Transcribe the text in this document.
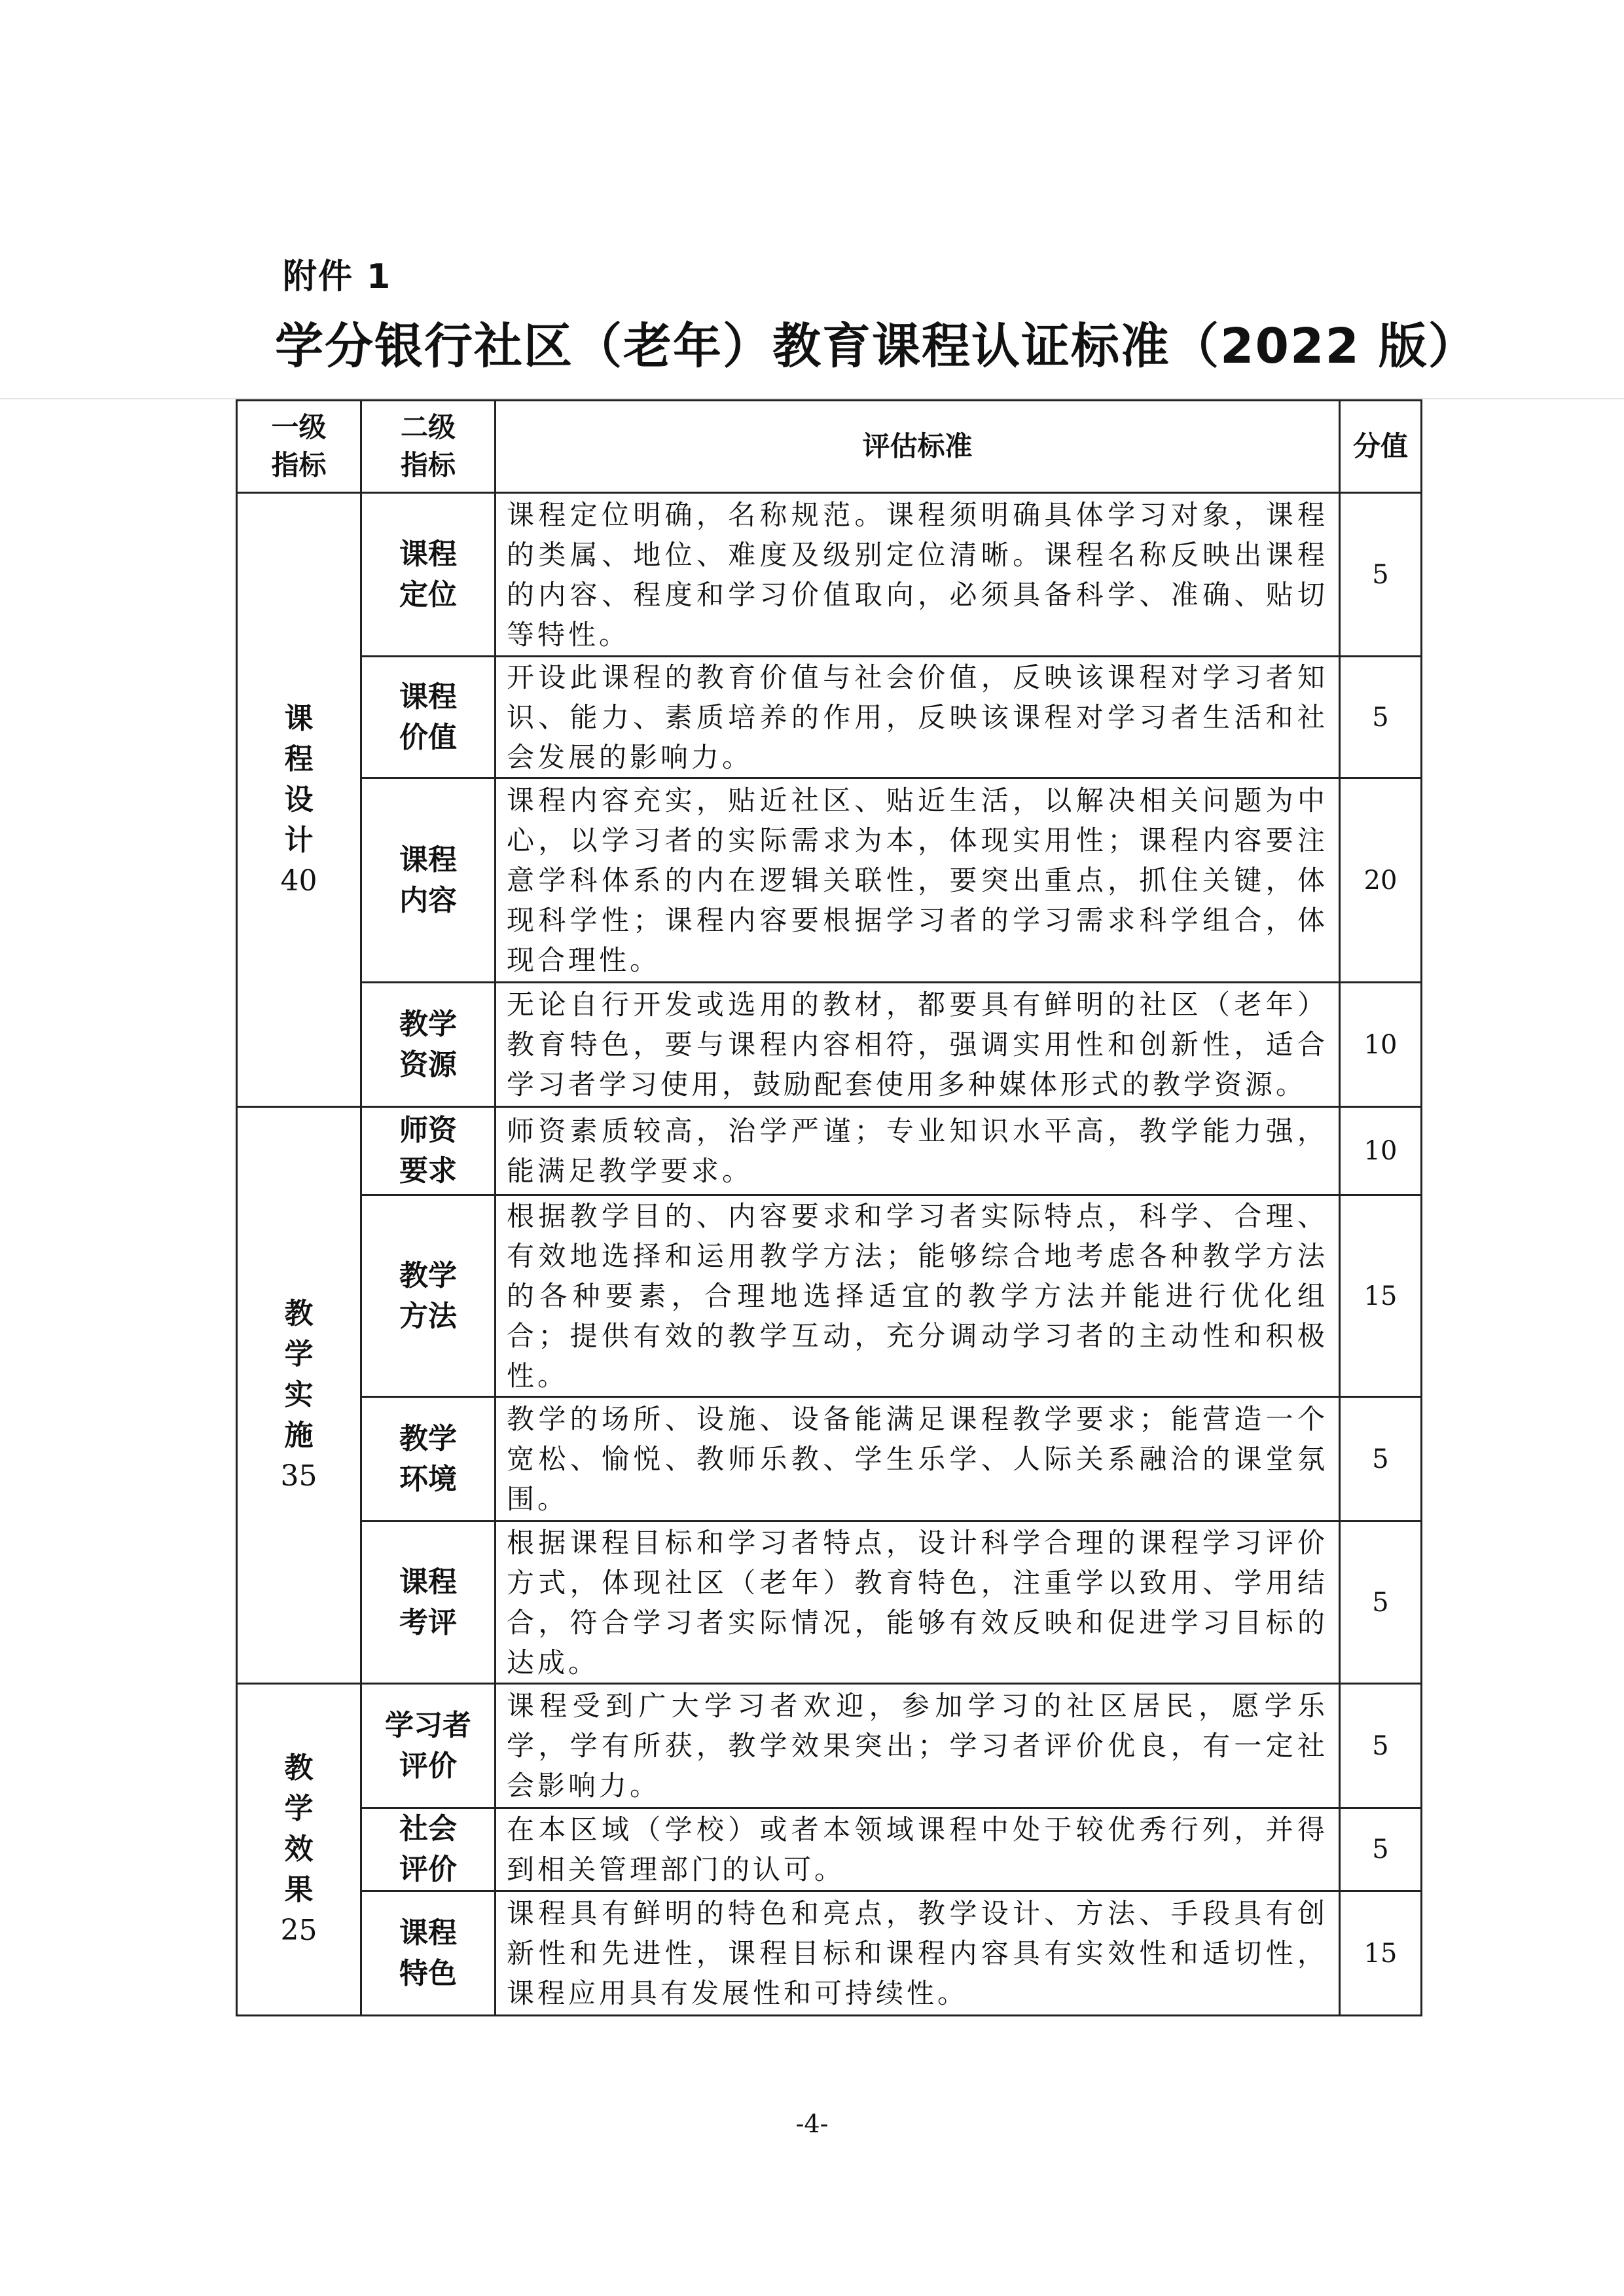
附件 1
学分银行社区（老年）教育课程认证标准（2022 版）
一级指标	二级指标	评估标准	分值

课程设计
40	课程定位	课程定位明确，名称规范。课程须明确具体学习对象，课程的类属、地位、难度及级别定位清晰。课程名称反映出课程的内容、程度和学习价值取向，必须具备科学、准确、贴切等特性。	5
	课程价值	开设此课程的教育价值与社会价值，反映该课程对学习者知识、能力、素质培养的作用，反映该课程对学习者生活和社会发展的影响力。	5
	课程内容	课程内容充实，贴近社区、贴近生活，以解决相关问题为中心，以学习者的实际需求为本，体现实用性；课程内容要注意学科体系的内在逻辑关联性，要突出重点，抓住关键，体现科学性；课程内容要根据学习者的学习需求科学组合，体现合理性。	20
	教学资源	无论自行开发或选用的教材，都要具有鲜明的社区（老年）教育特色，要与课程内容相符，强调实用性和创新性，适合学习者学习使用，鼓励配套使用多种媒体形式的教学资源。	10

教学实施
35	师资要求	师资素质较高，治学严谨；专业知识水平高，教学能力强，能满足教学要求。	10
	教学方法	根据教学目的、内容要求和学习者实际特点，科学、合理、有效地选择和运用教学方法；能够综合地考虑各种教学方法的各种要素，合理地选择适宜的教学方法并能进行优化组合；提供有效的教学互动，充分调动学习者的主动性和积极性。	15
	教学环境	教学的场所、设施、设备能满足课程教学要求；能营造一个宽松、愉悦、教师乐教、学生乐学、人际关系融洽的课堂氛围。	5
	课程考评	根据课程目标和学习者特点，设计科学合理的课程学习评价方式，体现社区（老年）教育特色，注重学以致用、学用结合，符合学习者实际情况，能够有效反映和促进学习目标的达成。	5

教学效果
25	学习者评价	课程受到广大学习者欢迎，参加学习的社区居民，愿学乐学，学有所获，教学效果突出；学习者评价优良，有一定社会影响力。	5
	社会评价	在本区域（学校）或者本领域课程中处于较优秀行列，并得到相关管理部门的认可。	5
	课程特色	课程具有鲜明的特色和亮点，教学设计、方法、手段具有创新性和先进性，课程目标和课程内容具有实效性和适切性，课程应用具有发展性和可持续性。	15
-4-
